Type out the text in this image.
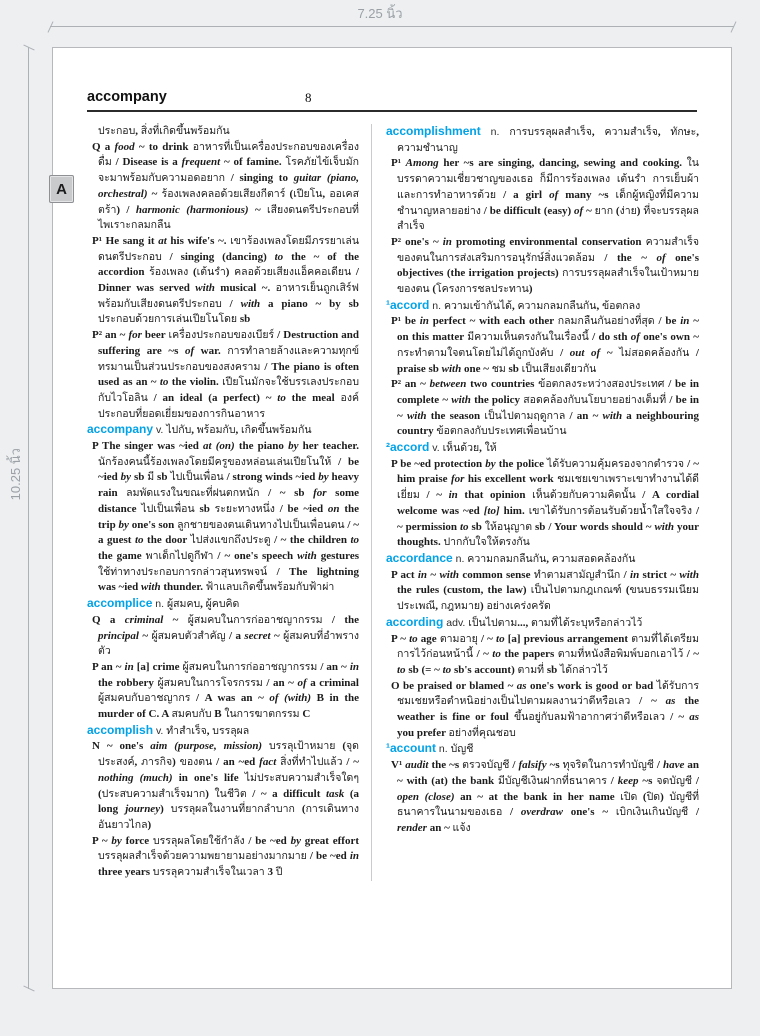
7.25 นิ้ว
10.25 นิ้ว
accompany	8
ประกอบ, สิ่งที่เกิดขึ้นพร้อมกัน
Q a food ~ to drink อาหารที่เป็นเครื่องประกอบของเครื่องดื่ม / Disease is a frequent ~ of famine. โรคภัยไข้เจ็บมักจะมาพร้อมกับความอดอยาก / singing to guitar (piano, orchestral) ~ ร้องเพลงคลอด้วยเสียงกีตาร์ (เปียโน, ออเคสตร้า) / harmonic (harmonious) ~ เสียงดนตรีประกอบที่ไพเราะกลมกลืน
P¹ He sang it at his wife's ~. เขาร้องเพลงโดยมีภรรยาเล่นดนตรีประกอบ / singing (dancing) to the ~ of the accordion ร้องเพลง (เต้นรำ) คลอด้วยเสียงแอ็คคอเดียน / Dinner was served with musical ~. อาหารเย็นถูกเสิร์ฟพร้อมกับเสียงดนตรีประกอบ / with a piano ~ by sb ประกอบด้วยการเล่นเปียโนโดย sb
P² an ~ for beer เครื่องประกอบของเบียร์ / Destruction and suffering are ~s of war. การทำลายล้างและความทุกข์ทรมานเป็นส่วนประกอบของสงคราม / The piano is often used as an ~ to the violin. เปียโนมักจะใช้บรรเลงประกอบกับไวโอลิน / an ideal (a perfect) ~ to the meal องค์ประกอบที่ยอดเยี่ยมของการกินอาหาร
accompany v. ไปกับ, พร้อมกับ, เกิดขึ้นพร้อมกัน
P The singer was ~ied at (on) the piano by her teacher. นักร้องคนนี้ร้องเพลงโดยมีครูของหล่อนเล่นเปียโนให้ / be ~ied by sb มี sb ไปเป็นเพื่อน / strong winds ~ied by heavy rain ลมพัดแรงในขณะที่ฝนตกหนัก / ~ sb for some distance ไปเป็นเพื่อน sb ระยะทางหนึ่ง / be ~ied on the trip by one's son ลูกชายของตนเดินทางไปเป็นเพื่อนตน / ~ a guest to the door ไปส่งแขกถึงประตู / ~ the children to the game พาเด็กไปดูกีฬา / ~ one's speech with gestures ใช้ท่าทางประกอบการกล่าวสุนทรพจน์ / The lightning was ~ied with thunder. ฟ้าแลบเกิดขึ้นพร้อมกับฟ้าผ่า
accomplice n. ผู้สมคบ, ผู้คบคิด
Q a criminal ~ ผู้สมคบในการก่ออาชญากรรม / the principal ~ ผู้สมคบตัวสำคัญ / a secret ~ ผู้สมคบที่อำพรางตัว
P an ~ in [a] crime ผู้สมคบในการก่ออาชญากรรม / an ~ in the robbery ผู้สมคบในการโจรกรรม / an ~ of a criminal ผู้สมคบกับอาชญากร / A was an ~ of (with) B in the murder of C. A สมคบกับ B ในการฆาตกรรม C
accomplish v. ทำสำเร็จ, บรรลุผล
N ~ one's aim (purpose, mission) บรรลุเป้าหมาย (จุดประสงค์, ภารกิจ) ของตน / an ~ed fact สิ่งที่ทำไปแล้ว / ~ nothing (much) in one's life ไม่ประสบความสำเร็จใดๆ (ประสบความสำเร็จมาก) ในชีวิต / ~ a difficult task (a long journey) บรรลุผลในงานที่ยากลำบาก (การเดินทางอันยาวไกล)
P ~ by force บรรลุผลโดยใช้กำลัง / be ~ed by great effort บรรลุผลสำเร็จด้วยความพยายามอย่างมากมาย / be ~ed in three years บรรลุความสำเร็จในเวลา 3 ปี
accomplishment n. การบรรลุผลสำเร็จ, ความสำเร็จ, ทักษะ, ความชำนาญ
P¹ Among her ~s are singing, dancing, sewing and cooking. ในบรรดาความเชี่ยวชาญของเธอ ก็มีการร้องเพลง เต้นรำ การเย็บผ้าและการทำอาหารด้วย / a girl of many ~s เด็กผู้หญิงที่มีความชำนาญหลายอย่าง / be difficult (easy) of ~ ยาก (ง่าย) ที่จะบรรลุผลสำเร็จ
P² one's ~ in promoting environmental conservation ความสำเร็จของตนในการส่งเสริมการอนุรักษ์สิ่งแวดล้อม / the ~ of one's objectives (the irrigation projects) การบรรลุผลสำเร็จในเป้าหมายของตน (โครงการชลประทาน)
¹accord n. ความเข้ากันได้, ความกลมกลืนกัน, ข้อตกลง
P¹ be in perfect ~ with each other กลมกลืนกันอย่างที่สุด / be in ~ on this matter มีความเห็นตรงกันในเรื่องนี้ / do sth of one's own ~ กระทำตามใจตนโดยไม่ได้ถูกบังคับ / out of ~ ไม่สอดคล้องกัน / praise sb with one ~ ชม sb เป็นเสียงเดียวกัน
P² an ~ between two countries ข้อตกลงระหว่างสองประเทศ / be in complete ~ with the policy สอดคล้องกับนโยบายอย่างเต็มที่ / be in ~ with the season เป็นไปตามฤดูกาล / an ~ with a neighbouring country ข้อตกลงกับประเทศเพื่อนบ้าน
²accord v. เห็นด้วย, ให้
P be ~ed protection by the police ได้รับความคุ้มครองจากตำรวจ / ~ him praise for his excellent work ชมเชยเขาเพราะเขาทำงานได้ดีเยี่ยม / ~ in that opinion เห็นด้วยกับความคิดนั้น / A cordial welcome was ~ed [to] him. เขาได้รับการต้อนรับด้วยน้ำใสใจจริง / ~ permission to sb ให้อนุญาต sb / Your words should ~ with your thoughts. ปากกับใจให้ตรงกัน
accordance n. ความกลมกลืนกัน, ความสอดคล้องกัน
P act in ~ with common sense ทำตามสามัญสำนึก / in strict ~ with the rules (custom, the law) เป็นไปตามกฎเกณฑ์ (ขนบธรรมเนียมประเพณี, กฎหมาย) อย่างเคร่งครัด
according adv. เป็นไปตาม..., ตามที่ได้ระบุหรือกล่าวไว้
P ~ to age ตามอายุ / ~ to [a] previous arrangement ตามที่ได้เตรียมการไว้ก่อนหน้านี้ / ~ to the papers ตามที่หนังสือพิมพ์บอกเอาไว้ / ~ to sb (= ~ to sb's account) ตามที่ sb ได้กล่าวไว้
O be praised or blamed ~ as one's work is good or bad ได้รับการชมเชยหรือตำหนิอย่างเป็นไปตามผลงานว่าดีหรือเลว / ~ as the weather is fine or foul ขึ้นอยู่กับลมฟ้าอากาศว่าดีหรือเลว / ~ as you prefer อย่างที่คุณชอบ
¹account n. บัญชี
V¹ audit the ~s ตรวจบัญชี / falsify ~s ทุจริตในการทำบัญชี / have an ~ with (at) the bank มีบัญชีเงินฝากที่ธนาคาร / keep ~s จดบัญชี / open (close) an ~ at the bank in her name เปิด (ปิด) บัญชีที่ธนาคารในนามของเธอ / overdraw one's ~ เบิกเงินเกินบัญชี / render an ~ แจ้ง
A
